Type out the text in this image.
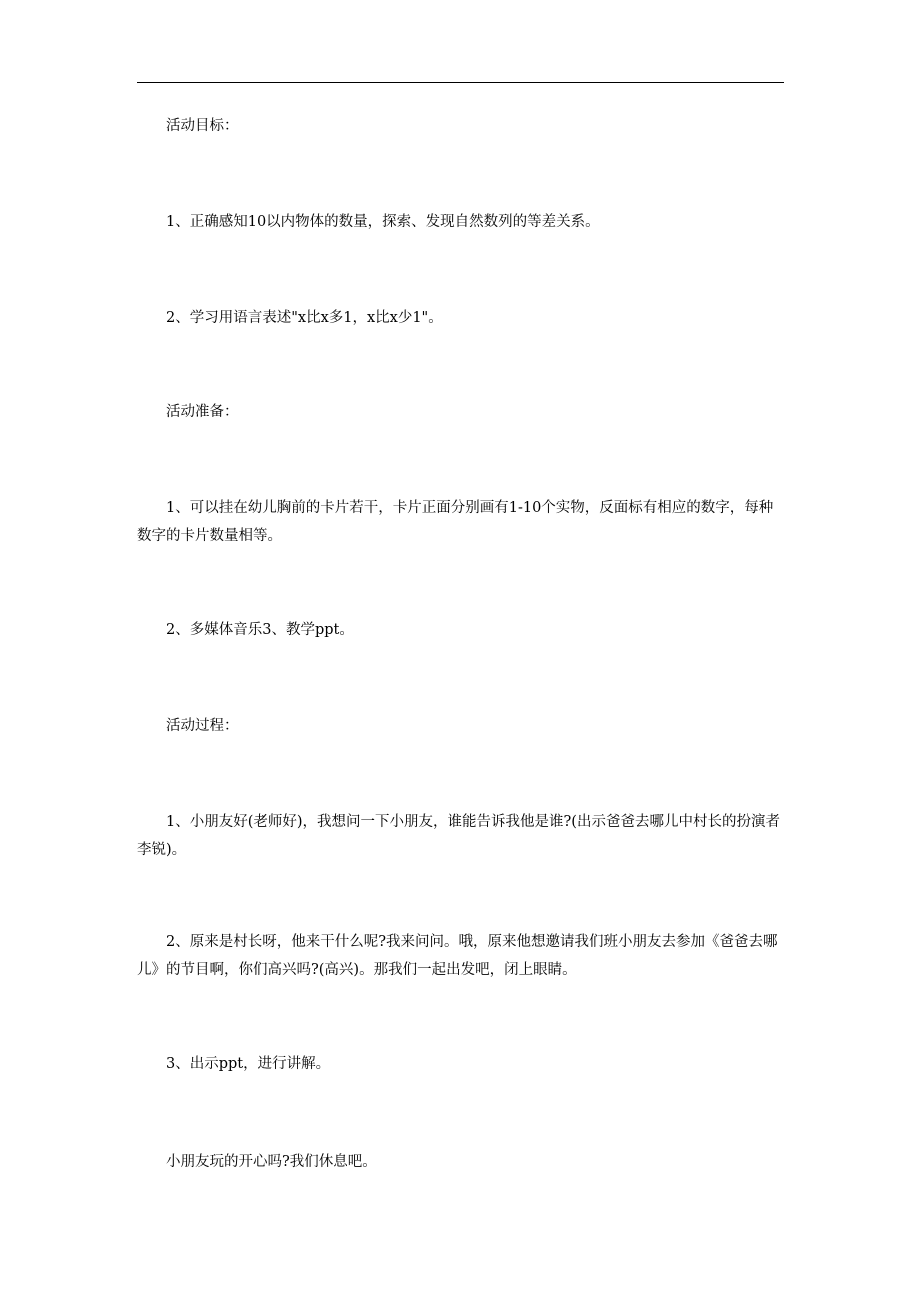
活动目标：

1、正确感知10以内物体的数量，探索、发现自然数列的等差关系。

2、学习用语言表述"x比x多1，x比x少1"。

活动准备：

1、可以挂在幼儿胸前的卡片若干，卡片正面分别画有1-10个实物，反面标有相应的数字，每种数字的卡片数量相等。

2、多媒体音乐3、教学ppt。

活动过程：

1、小朋友好(老师好)，我想问一下小朋友，谁能告诉我他是谁?(出示爸爸去哪儿中村长的扮演者李锐)。

2、原来是村长呀，他来干什么呢?我来问问。哦，原来他想邀请我们班小朋友去参加《爸爸去哪儿》的节目啊，你们高兴吗?(高兴)。那我们一起出发吧，闭上眼睛。

3、出示ppt，进行讲解。

小朋友玩的开心吗?我们休息吧。
